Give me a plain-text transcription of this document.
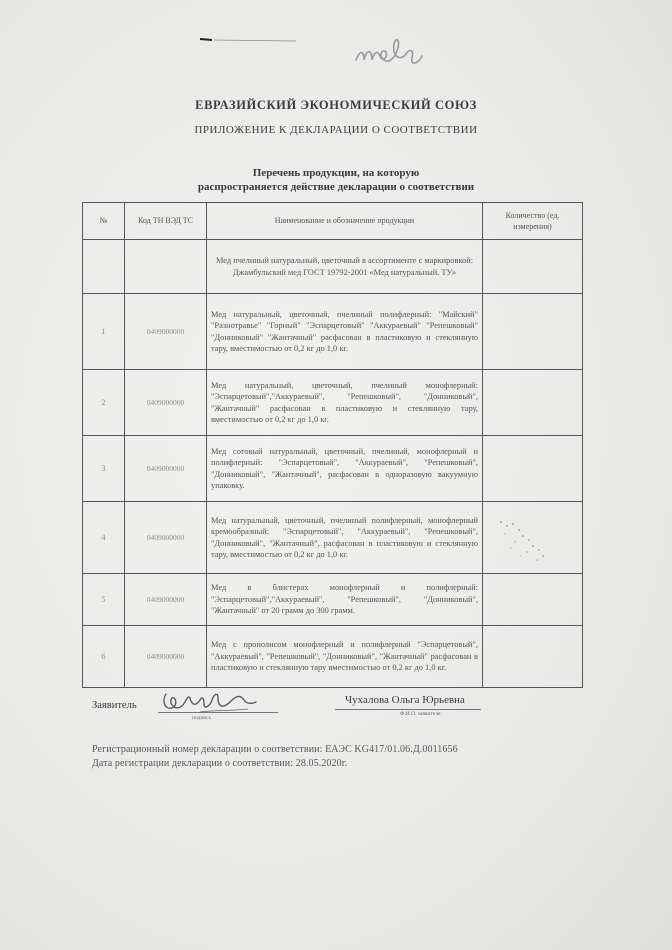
ЕВРАЗИЙСКИЙ ЭКОНОМИЧЕСКИЙ СОЮЗ
ПРИЛОЖЕНИЕ К ДЕКЛАРАЦИИ О СООТВЕТСТВИИ
Перечень продукции, на которую
распространяется действие декларации о соответствии
№	Код ТН ВЭД ТС	Наименование и обозначение продукции	Количество (ед. измерения)
		Мед пчелиный натуральный, цветочный в ассортименте с маркировкой: Джамбульский мед ГОСТ 19792-2001 «Мед натуральный. ТУ»	
1	0409000000	Мед натуральный, цветочный, пчелиный полифлерный: "Майский" "Разнотравье" "Горный" "Эспарцетовый" "Аккураевый" "Репешковый" "Донниковый" "Жантачный" расфасован в пластиковую и стеклянную тару, вместимостью от 0,2 кг до 1,0 кг.	
2	0409000000	Мед натуральный, цветочный, пчелиный монофлерный: "Эспарцетовый","Аккураевый", "Репешковый", "Донниковый", "Жантачный" расфасован в пластиковую и стеклянную тару, вместимостью от 0,2 кг до 1,0 кг.	
3	0409000000	Мед сотовый натуральный, цветочный, пчелиный, монофлерный и полифлерный: "Эспарцетовый", "Аккураевый", "Репешковый", "Донниковый", "Жантачный", расфасован в одноразовую вакуумную упаковку.	
4	0409000000	Мед натуральный, цветочный, пчелиный полифлерный, монофлерный кремообразный: "Эспарцетовый", "Аккураевый", "Репешковый", "Донниковый", "Жантачный", расфасован в пластиковую и стеклянную тару, вместимостью от 0,2 кг до 1,0 кг.	

5	0409000000	Мед в блистерах монофлерный и полифлерный: "Эспарцетовый","Аккураевый", "Репешковый", "Донниковый", "Жантачный" от 20 грамм до 300 грамм.	
6	0409000000	Мед с прополисом монофлерный и полифлерный "Эспарцетовый", "Аккураевый", "Репешковый", "Донниковый", "Жантачный" расфасован в пластиковую и стеклянную тару вместимостью от 0,2 кг до 1,0 кг.	
Заявитель
подпись
Чухалова Ольга Юрьевна
Ф.И.О. заявителя
Регистрационный номер декларации о соответствии: ЕАЭС KG417/01.06.Д.0011656
Дата регистрации декларации о соответствии: 28.05.2020г.
